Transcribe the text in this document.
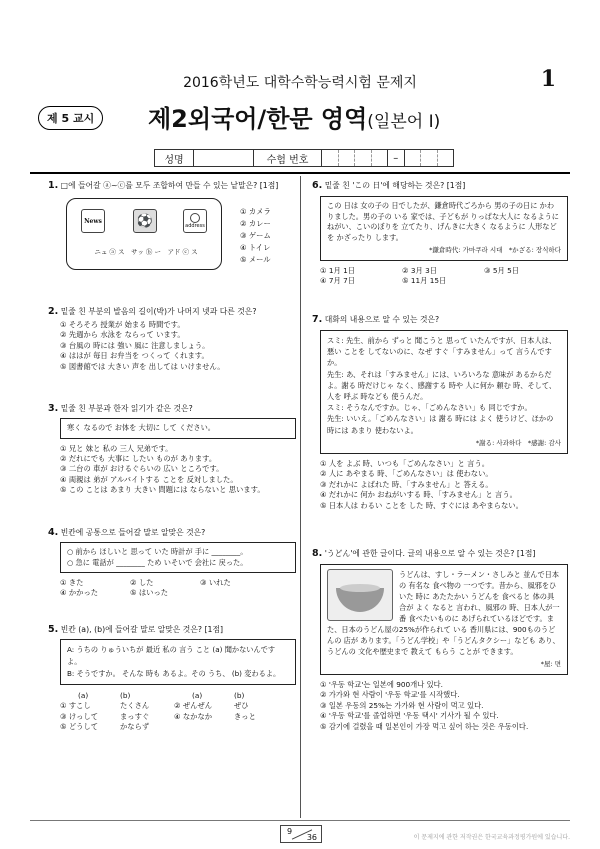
2016학년도 대학수학능력시험 문제지	1
제 5 교시	제2외국어/한문 영역(일본어 Ⅰ)
성명	수험 번호	–
1. □에 들어갈 ⓐ~ⓒ를 모두 조합하여 만들 수 있는 낱말은? [1점]
News	⚽	address
ニュ ⓐ ス　サッ ⓑ ー　アド ⓒ ス
① カメラ
② カレー
③ ゲーム
④ トイレ
⑤ メール
2. 밑줄 친 부분의 발음의 길이(박)가 나머지 넷과 다른 것은?
① そろそろ 授業が 始まる 時間です。
② 先週から 水泳を ならって います。
③ 台風の 時には 強い 風に 注意しましょう。
④ ははが 毎日 お弁当を つくって くれます。
⑤ 図書館では 大きい 声を 出しては いけません。
3. 밑줄 친 부분과 한자 읽기가 같은 것은?
寒く なるので お体を 大切に して ください。
① 兄と 妹と 私の 三人 兄弟です。
② だれにでも 大事に したい ものが あります。
③ 二台の 車が おけるぐらいの 広い ところです。
④ 両親は 弟が アルバイトする ことを 反対しました。
⑤ この ことは あまり 大きい 問題には ならないと 思います。
4. 빈칸에 공통으로 들어갈 말로 알맞은 것은?
○ 前から ほしいと 思って いた 時計が 手に ________。
○ 急に 電話が ________ ため いそいで 会社に 戻った。
① きた	② した	③ いれた
④ かかった	⑤ はいった
5. 빈칸 (a), (b)에 들어갈 말로 알맞은 것은? [1점]
A: うちの りゅういちが 最近 私の 言う こと (a) 聞かないんですよ。
B: そうですか。 そんな 時も あるよ。その うち、 (b) 変わるよ。
(a)	(b)	(a)	(b)
① すこし	たくさん	② ぜんぜん	ぜひ
③ けっして	まっすぐ	④ なかなか	きっと
⑤ どうして	かならず
6. 밑줄 친 'この 日'에 해당하는 것은? [1점]
この 日は 女の子の 日でしたが、鎌倉時代ごろから 男の子の日に かわりました。男の子の いる 家では、子どもが りっぱな大人に なるように ねがい、こいのぼりを 立てたり、げんきに大きく なるように 人形などを かざったり します。
*鎌倉時代: 가마쿠라 시대　*かざる: 장식하다
① 1月 1日	② 3月 3日	③ 5月 5日
④ 7月 7日	⑤ 11月 15日
7. 대화의 내용으로 알 수 있는 것은?
スミ: 先生、前から ずっと 聞こうと 思って いたんですが、日本人は、悪い ことを してないのに、なぜ すぐ「すみません」って 言うんですか。
先生: あ、それは「すみません」には、いろいろな 意味が あるからだよ。謝る 時だけじゃ なく、感謝する 時や 人に何か 頼む 時、そして、人を 呼ぶ 時なども 使うんだ。
スミ: そうなんですか。じゃ、「ごめんなさい」も 同じですか。
先生: いいえ。「ごめんなさい」は 謝る 時には よく 使うけど、ほかの 時には あまり 使わないよ。
*謝る: 사과하다　*感謝: 감사
① 人を よぶ 時、いつも「ごめんなさい」と 言う。
② 人に あやまる 時、「ごめんなさい」は 使わない。
③ だれかに よばれた 時、「すみません」と 答える。
④ だれかに 何か おねがいする 時、「すみません」と 言う。
⑤ 日本人は わるい ことを した 時、すぐには あやまらない。
8. 'うどん'에 관한 글이다. 글의 내용으로 알 수 있는 것은? [1점]
うどんは、すし・ラーメン・さしみと 並んで日本の 有名な 食べ物の 一つです。昔から、風邪をひいた 時に あたたかい うどんを 食べると 体の具合が よく なると 言われ、風邪の 時、日本人が一番 食べたいものに あげられているほどです。また、日本のうどん屋の25%が作られて いる 香川県には、900ものうどんの 店が あります。「うどん学校」や「うどんタクシー」なども あり、うどんの 文化や歴史まで 教えて もらう ことが できます。
*屋: 면
① '우동 학교'는 일본에 900개나 있다.
② 가가와 현 사람이 '우동 학교'를 시작했다.
③ 일본 우동의 25%는 가가와 현 사람이 먹고 있다.
④ '우동 학교'를 졸업하면 '우동 택시' 기사가 될 수 있다.
⑤ 감기에 걸렸을 때 일본인이 가장 먹고 싶어 하는 것은 우동이다.
9
36	이 문제지에 관한 저작권은 한국교육과정평가원에 있습니다.
